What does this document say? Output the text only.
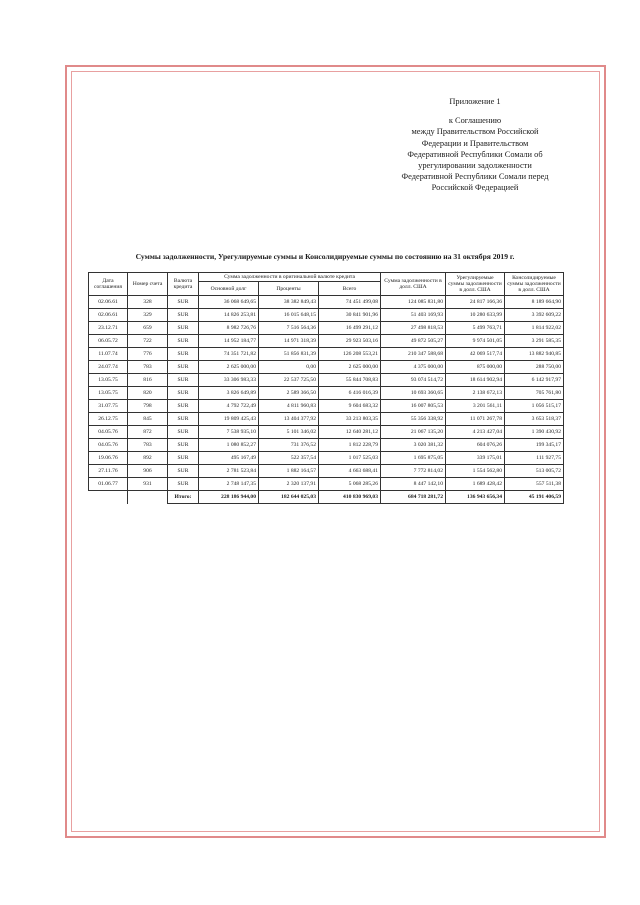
Приложение 1
к Соглашению
между Правительством Российской
Федерации и Правительством
Федеративной Республики Сомали об
урегулировании задолженности
Федеративной Республики Сомали перед
Российской Федерацией
Суммы задолженности, Урегулируемые суммы и Консолидируемые суммы по состоянию на 31 октября 2019 г.
Дата соглашения	Номер счета	Валюта кредита	Сумма задолженности в оригинальной валюте кредита			Сумма задолженности в долл. США	Урегулируемые суммы задолженности в долл. США	Консолидируемые суммы задолженности в долл. США
			Основной долг	Проценты	Всего			
02.06.61	328	SUR	36 068 649,65	38 382 849,43	74 451 499,08	124 085 831,80	24 817 166,36	8 189 664,90
02.06.61	329	SUR	14 826 253,81	16 015 648,15	30 841 901,96	51 403 169,93	10 280 633,99	3 392 609,22
23.12.71	659	SUR	8 982 726,76	7 516 564,36	16 499 291,12	27 498 818,53	5 499 763,71	1 814 922,02
06.05.72	722	SUR	14 952 184,77	14 971 318,39	29 923 503,16	49 872 505,27	9 974 501,05	3 291 585,35
11.07.74	776	SUR	74 351 721,82	51 856 831,39	126 208 553,21	210 347 588,68	42 069 517,74	13 882 940,85
24.07.74	783	SUR	2 625 000,00	0,00	2 625 000,00	4 375 000,00	875 000,00	288 750,00
13.05.75	816	SUR	33 306 983,33	22 537 725,50	55 844 708,83	93 074 514,72	18 614 902,94	6 142 917,97
13.05.75	820	SUR	3 826 649,89	2 589 366,50	6 416 016,39	10 693 360,65	2 138 672,13	705 761,80
31.07.75	798	SUR	4 792 722,49	4 811 960,83	9 604 683,32	16 007 805,53	3 201 561,11	1 056 515,17
26.12.75	845	SUR	19 809 425,43	13 404 377,92	33 213 803,35	55 356 338,92	11 071 267,78	3 653 518,37
04.05.76	872	SUR	7 538 935,10	5 101 346,02	12 640 281,12	21 067 135,20	4 213 427,04	1 390 430,92
04.05.76	783	SUR	1 080 852,27	731 376,52	1 812 228,79	3 020 381,32	604 076,26	199 345,17
19.06.76	892	SUR	495 167,49	522 357,54	1 017 525,03	1 695 875,05	339 175,01	111 927,75
27.11.76	906	SUR	2 781 523,84	1 882 164,57	4 663 688,41	7 772 814,02	1 554 562,80	513 005,72
01.06.77	931	SUR	2 748 147,35	2 320 137,91	5 068 285,26	8 447 142,10	1 689 428,42	557 511,38
		Итого:	228 186 944,00	182 644 025,03	410 830 969,03	684 718 281,72	136 943 656,34	45 191 406,59
